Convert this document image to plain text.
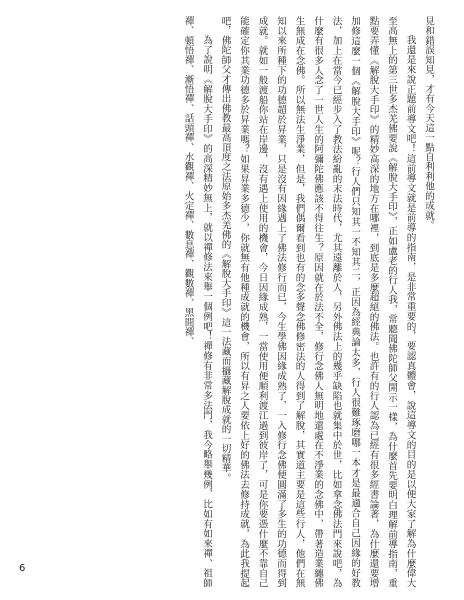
見和錯誤知見，才有今天這一點自利利他的成就。

我還是來說正題前導文吧！這前導文就是前導的指南，是非常重要的，要認真體會，說這導文的目的是以便大家了解為什麼偉大至高無上的第三世多杰羌佛要說《解脫大手印》，正如盧老的行人我，常聽聞佛陀師父開示一樣，為什麼首先要明白理解前導指南，重點要弄懂《解脫大手印》的精妙高深的地方在哪裡，到底是多麼超絕的佛法。也許有的行人認為已經有很多經書論著，為什麼還要增加修這麼一個《解脫大手印》呢？行人們只知其一不知其二，正因為經典論太多，行人很難琢磨哪一本才是最適合自己因緣的好教法，加上在當今已經步入了教法紛亂的末法時代，尤其遠離於人，另外佛法上的幾乎缺陷也就集中於世，比如拿念佛法門來說吧，為什麼有很多人念了一世人生的阿彌陀佛應該不得往生？原因就在於法不全，修行念佛人無明地還處在不淨業的念佛中，帶著造業纏佛生無成在念佛。所以無法生淨業，但是，我們偶爾看到也有的念多聲念佛修密法的人得到了解脫，其實道主要是這些行人，他們在無知以來所種下的功德超於昇業，只是沒有因緣遇上了佛法修行而已，今生學佛因緣成熟了，一入修行念佛便圓滿了多生的功德而得到成就。就如一般渡船你站在岸邊，沒有遇上使用的機會，今日因緣成熟，一當使用便順利渡江過到彼岸了，可是你要憑什麼不靠自己能確定你其業功德多於昇業嗎？如果昇業多德少，你就無有他種成就的機會，所以有昇之人要依上好的佛法去修持成就，為此我提起吧，佛陀師父才傳出佛教最高頂度之法原始多杰羌佛的《解脫大手印》這一法藏而攝藏解脫成就的一切精華。

為了說明《解脫大手印》的高深精妙無上，就以禪修法來舉一個例吧！禪修有非常多法門，我今略舉幾例，比如有如來禪、祖師禪、頓悟禪、漸悟禪、話頭禪、水觀禪、火定禪、數息禪、觀數禪、黑間禪、

6
